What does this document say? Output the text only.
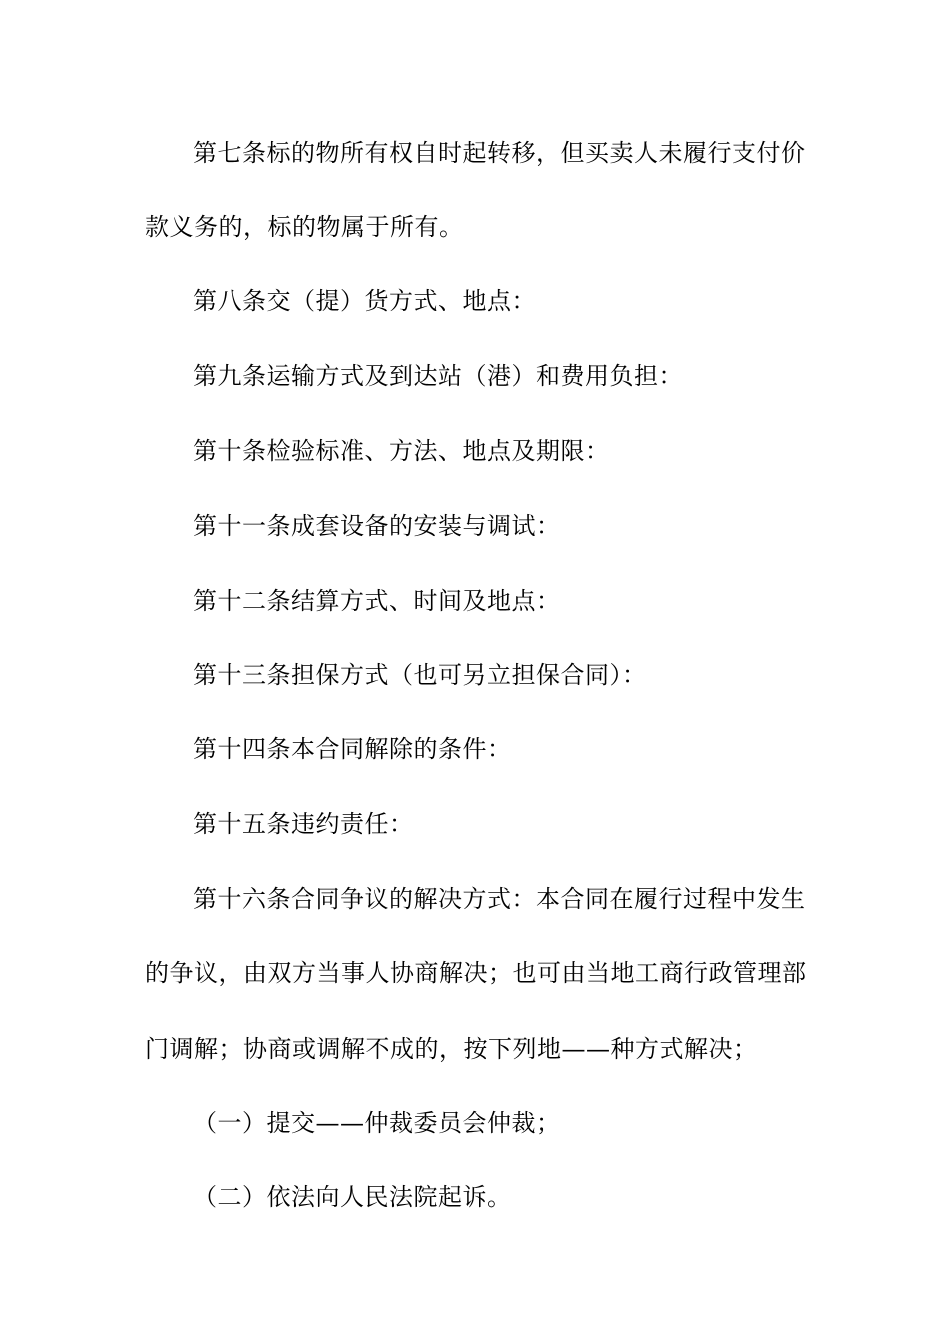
第七条标的物所有权自时起转移，但买卖人未履行支付价
款义务的，标的物属于所有。
第八条交（提）货方式、地点：
第九条运输方式及到达站（港）和费用负担：
第十条检验标准、方法、地点及期限：
第十一条成套设备的安装与调试：
第十二条结算方式、时间及地点：
第十三条担保方式（也可另立担保合同）：
第十四条本合同解除的条件：
第十五条违约责任：
第十六条合同争议的解决方式：本合同在履行过程中发生
的争议，由双方当事人协商解决；也可由当地工商行政管理部
门调解；协商或调解不成的，按下列地——种方式解决；
（一）提交——仲裁委员会仲裁；
（二）依法向人民法院起诉。
